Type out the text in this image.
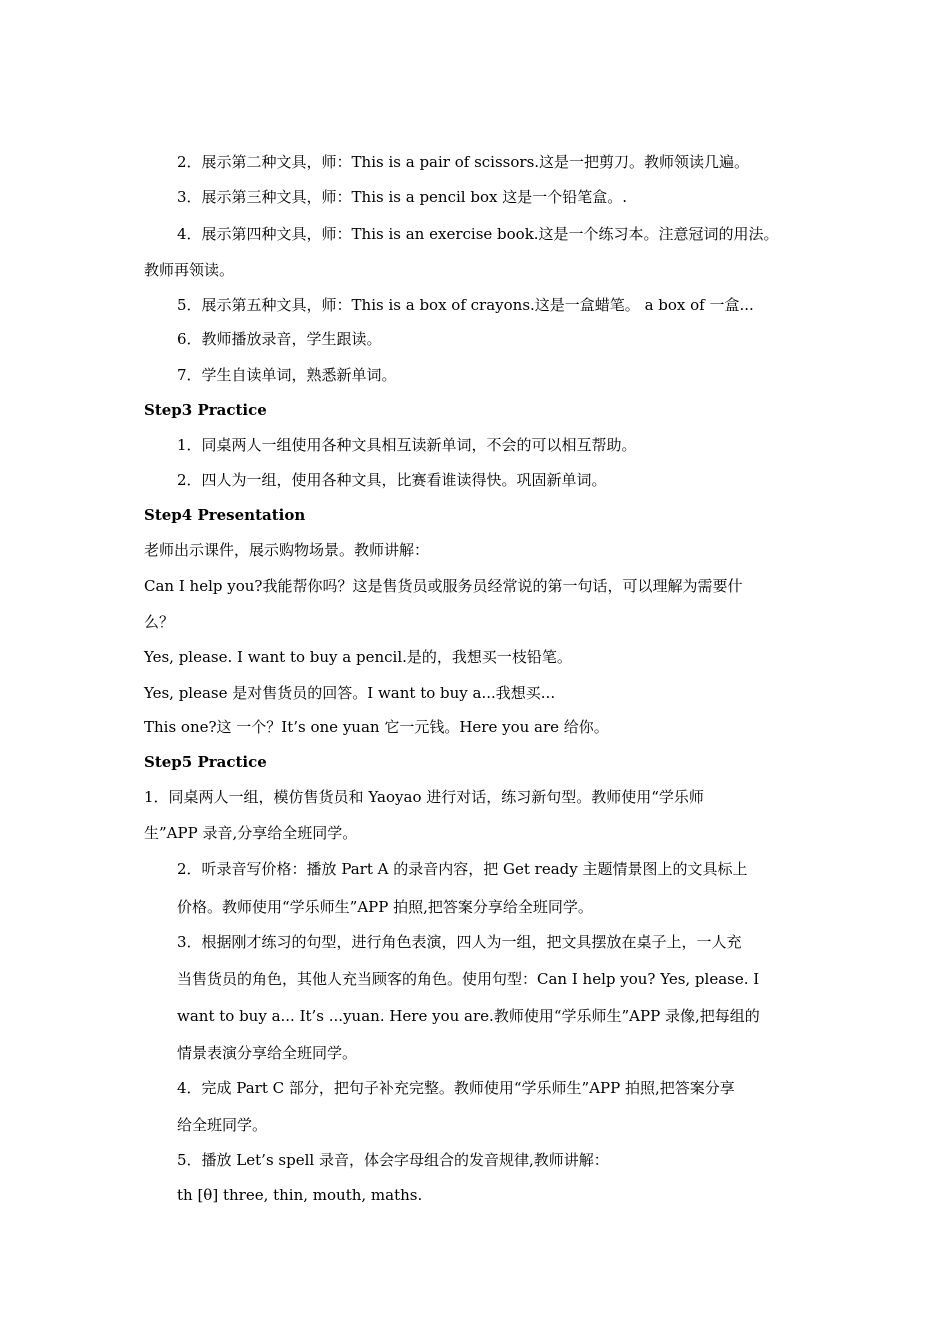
2．展示第二种文具，师：This is a pair of scissors.这是一把剪刀。教师领读几遍。
3．展示第三种文具，师：This is a pencil box 这是一个铅笔盒。.
4．展示第四种文具，师：This is an exercise book.这是一个练习本。注意冠词的用法。
教师再领读。
5．展示第五种文具，师：This is a box of crayons.这是一盒蜡笔。 a box of 一盒...
6．教师播放录音，学生跟读。
7．学生自读单词，熟悉新单词。
Step3 Practice
1．同桌两人一组使用各种文具相互读新单词，不会的可以相互帮助。
2．四人为一组，使用各种文具，比赛看谁读得快。巩固新单词。
Step4 Presentation
老师出示课件，展示购物场景。教师讲解：
Can I help you?我能帮你吗？这是售货员或服务员经常说的第一句话，可以理解为需要什
么？
Yes, please. I want to buy a pencil.是的，我想买一枝铅笔。
Yes, please 是对售货员的回答。I want to buy a...我想买...
This one?这 一个？It’s one yuan 它一元钱。Here you are 给你。
Step5 Practice
1．同桌两人一组，模仿售货员和 Yaoyao 进行对话，练习新句型。教师使用“学乐师
生”APP 录音,分享给全班同学。
2．听录音写价格：播放 Part A 的录音内容，把 Get ready 主题情景图上的文具标上
价格。教师使用“学乐师生”APP 拍照,把答案分享给全班同学。
3．根据刚才练习的句型，进行角色表演，四人为一组，把文具摆放在桌子上，一人充
当售货员的角色，其他人充当顾客的角色。使用句型：Can I help you? Yes, please. I
want to buy a... It’s ...yuan. Here you are.教师使用“学乐师生”APP 录像,把每组的
情景表演分享给全班同学。
4．完成 Part C 部分，把句子补充完整。教师使用“学乐师生”APP 拍照,把答案分享
给全班同学。
5．播放 Let’s spell 录音，体会字母组合的发音规律,教师讲解：
th [θ] three, thin, mouth, maths.
